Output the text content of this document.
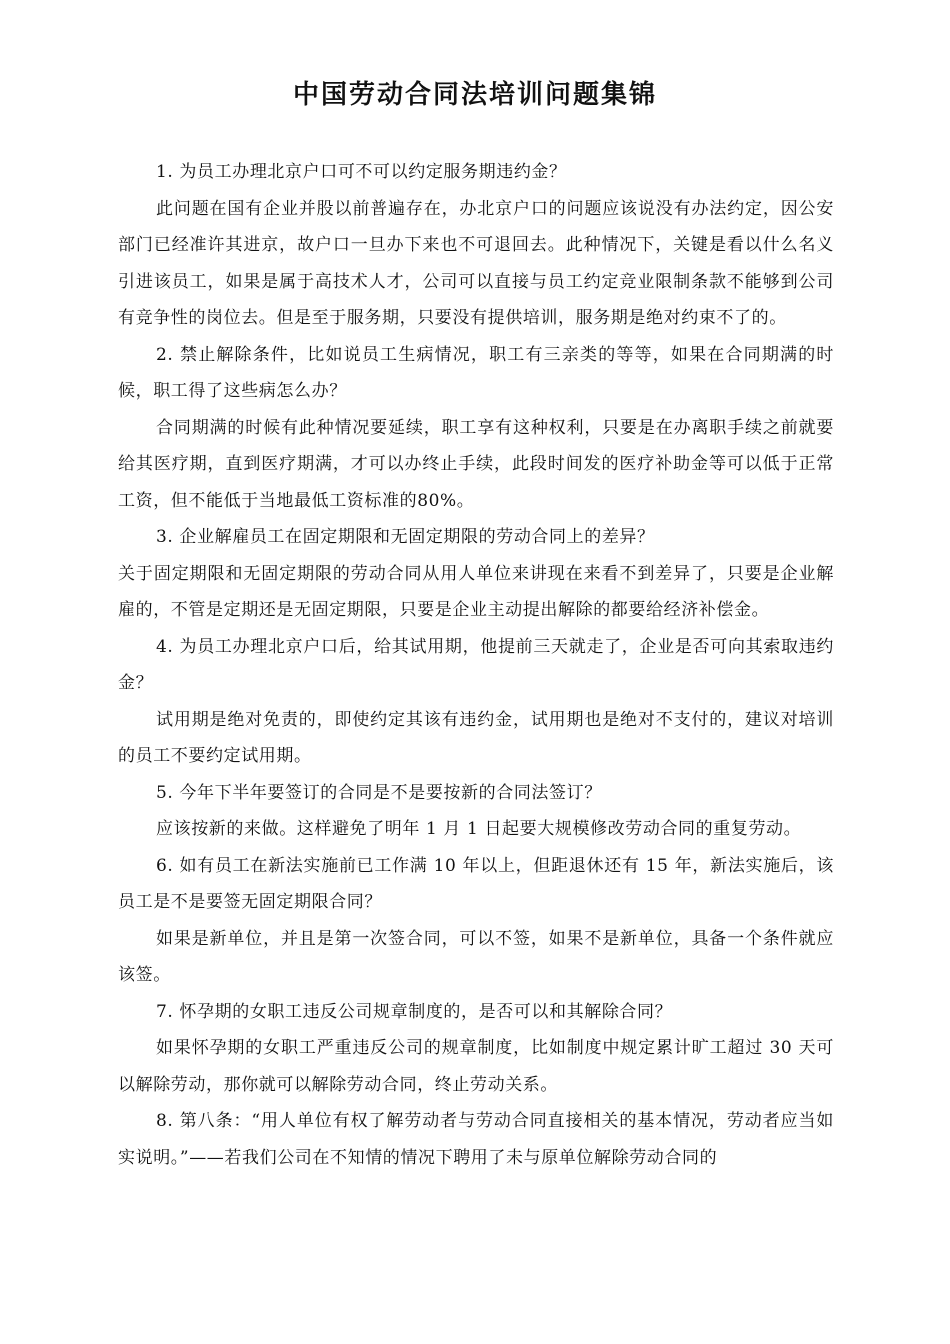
中国劳动合同法培训问题集锦

1. 为员工办理北京户口可不可以约定服务期违约金？

此问题在国有企业并股以前普遍存在，办北京户口的问题应该说没有办法约定，因公安部门已经准许其进京，故户口一旦办下来也不可退回去。此种情况下，关键是看以什么名义引进该员工，如果是属于高技术人才，公司可以直接与员工约定竞业限制条款不能够到公司有竞争性的岗位去。但是至于服务期，只要没有提供培训，服务期是绝对约束不了的。

2. 禁止解除条件，比如说员工生病情况，职工有三亲类的等等，如果在合同期满的时候，职工得了这些病怎么办？

合同期满的时候有此种情况要延续，职工享有这种权利，只要是在办离职手续之前就要给其医疗期，直到医疗期满，才可以办终止手续，此段时间发的医疗补助金等可以低于正常工资，但不能低于当地最低工资标准的80%。

3. 企业解雇员工在固定期限和无固定期限的劳动合同上的差异？

关于固定期限和无固定期限的劳动合同从用人单位来讲现在来看不到差异了，只要是企业解雇的，不管是定期还是无固定期限，只要是企业主动提出解除的都要给经济补偿金。

4. 为员工办理北京户口后，给其试用期，他提前三天就走了，企业是否可向其索取违约金？

试用期是绝对免责的，即使约定其该有违约金，试用期也是绝对不支付的，建议对培训的员工不要约定试用期。

5. 今年下半年要签订的合同是不是要按新的合同法签订？

应该按新的来做。这样避免了明年 1 月 1 日起要大规模修改劳动合同的重复劳动。

6. 如有员工在新法实施前已工作满 10 年以上，但距退休还有 15 年，新法实施后，该员工是不是要签无固定期限合同？

如果是新单位，并且是第一次签合同，可以不签，如果不是新单位，具备一个条件就应该签。

7. 怀孕期的女职工违反公司规章制度的，是否可以和其解除合同？

如果怀孕期的女职工严重违反公司的规章制度，比如制度中规定累计旷工超过 30 天可以解除劳动，那你就可以解除劳动合同，终止劳动关系。

8. 第八条：“用人单位有权了解劳动者与劳动合同直接相关的基本情况，劳动者应当如实说明。”——若我们公司在不知情的情况下聘用了未与原单位解除劳动合同的
